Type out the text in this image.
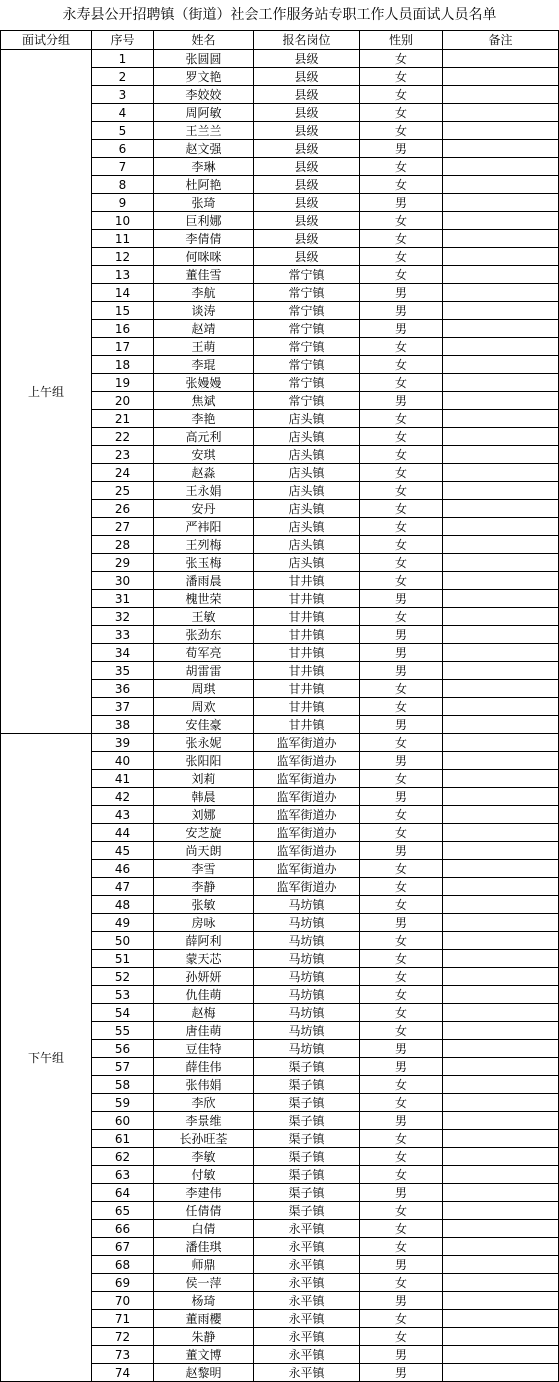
永寿县公开招聘镇（街道）社会工作服务站专职工作人员面试人员名单
面试分组	序号	姓名	报名岗位	性别	备注
上午组	1	张圆圆	县级	女	
	2	罗文艳	县级	女	
	3	李姣姣	县级	女	
	4	周阿敏	县级	女	
	5	王兰兰	县级	女	
	6	赵文强	县级	男	
	7	李琳	县级	女	
	8	杜阿艳	县级	女	
	9	张琦	县级	男	
	10	巨利娜	县级	女	
	11	李倩倩	县级	女	
	12	何咪咪	县级	女	
	13	董佳雪	常宁镇	女	
	14	李航	常宁镇	男	
	15	谈涛	常宁镇	男	
	16	赵靖	常宁镇	男	
	17	王萌	常宁镇	女	
	18	李琨	常宁镇	女	
	19	张嫚嫚	常宁镇	女	
	20	焦斌	常宁镇	男	
	21	李艳	店头镇	女	
	22	高元利	店头镇	女	
	23	安琪	店头镇	女	
	24	赵淼	店头镇	女	
	25	王永娟	店头镇	女	
	26	安丹	店头镇	女	
	27	严袆阳	店头镇	女	
	28	王列梅	店头镇	女	
	29	张玉梅	店头镇	女	
	30	潘雨晨	甘井镇	女	
	31	槐世荣	甘井镇	男	
	32	王敏	甘井镇	女	
	33	张劲东	甘井镇	男	
	34	荀军亮	甘井镇	男	
	35	胡雷雷	甘井镇	男	
	36	周琪	甘井镇	女	
	37	周欢	甘井镇	女	
	38	安佳豪	甘井镇	男	
下午组	39	张永妮	监军街道办	女	
	40	张阳阳	监军街道办	男	
	41	刘莉	监军街道办	女	
	42	韩晨	监军街道办	男	
	43	刘娜	监军街道办	女	
	44	安芝旋	监军街道办	女	
	45	尚天朗	监军街道办	男	
	46	李雪	监军街道办	女	
	47	李静	监军街道办	女	
	48	张敏	马坊镇	女	
	49	房咏	马坊镇	男	
	50	薛阿利	马坊镇	女	
	51	蒙天芯	马坊镇	女	
	52	孙妍妍	马坊镇	女	
	53	仇佳萌	马坊镇	女	
	54	赵梅	马坊镇	女	
	55	唐佳萌	马坊镇	女	
	56	豆佳特	马坊镇	男	
	57	薛佳伟	渠子镇	男	
	58	张伟娟	渠子镇	女	
	59	李欣	渠子镇	女	
	60	李景维	渠子镇	男	
	61	长孙旺荃	渠子镇	女	
	62	李敏	渠子镇	女	
	63	付敏	渠子镇	女	
	64	李建伟	渠子镇	男	
	65	任倩倩	渠子镇	女	
	66	白倩	永平镇	女	
	67	潘佳琪	永平镇	女	
	68	师鼎	永平镇	男	
	69	侯一萍	永平镇	女	
	70	杨琦	永平镇	男	
	71	董雨櫻	永平镇	女	
	72	朱静	永平镇	女	
	73	董文博	永平镇	男	
	74	赵黎明	永平镇	男	
